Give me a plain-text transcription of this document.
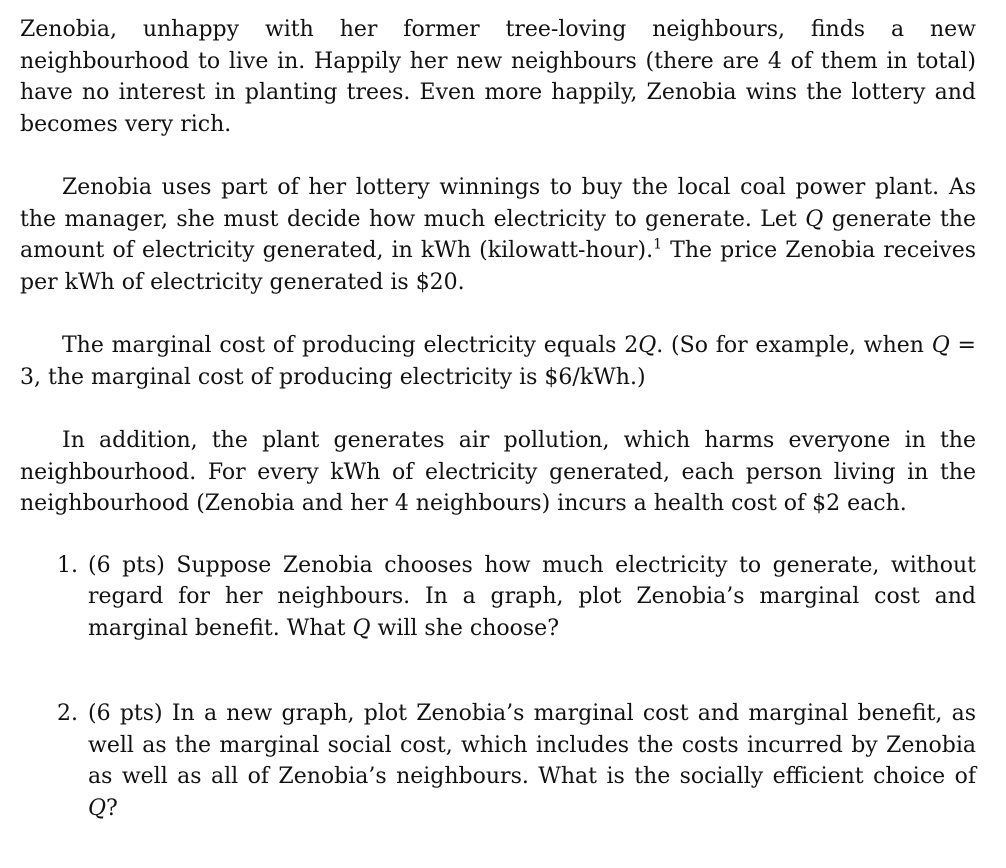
Zenobia, unhappy with her former tree-loving neighbours, finds a new neighbourhood to live in. Happily her new neighbours (there are 4 of them in total) have no interest in planting trees. Even more happily, Zenobia wins the lottery and becomes very rich.

Zenobia uses part of her lottery winnings to buy the local coal power plant. As the manager, she must decide how much electricity to generate. Let Q generate the amount of electricity generated, in kWh (kilowatt-hour).$^1$ The price Zenobia receives per kWh of electricity generated is $20.

The marginal cost of producing electricity equals 2Q. (So for example, when Q = 3, the marginal cost of producing electricity is $6/kWh.)

In addition, the plant generates air pollution, which harms everyone in the neighbourhood. For every kWh of electricity generated, each person living in the neighbourhood (Zenobia and her 4 neighbours) incurs a health cost of $2 each.

1. (6 pts) Suppose Zenobia chooses how much electricity to generate, without regard for her neighbours. In a graph, plot Zenobia’s marginal cost and marginal benefit. What Q will she choose?
2. (6 pts) In a new graph, plot Zenobia’s marginal cost and marginal benefit, as well as the marginal social cost, which includes the costs incurred by Zenobia as well as all of Zenobia’s neighbours. What is the socially efficient choice of Q?
